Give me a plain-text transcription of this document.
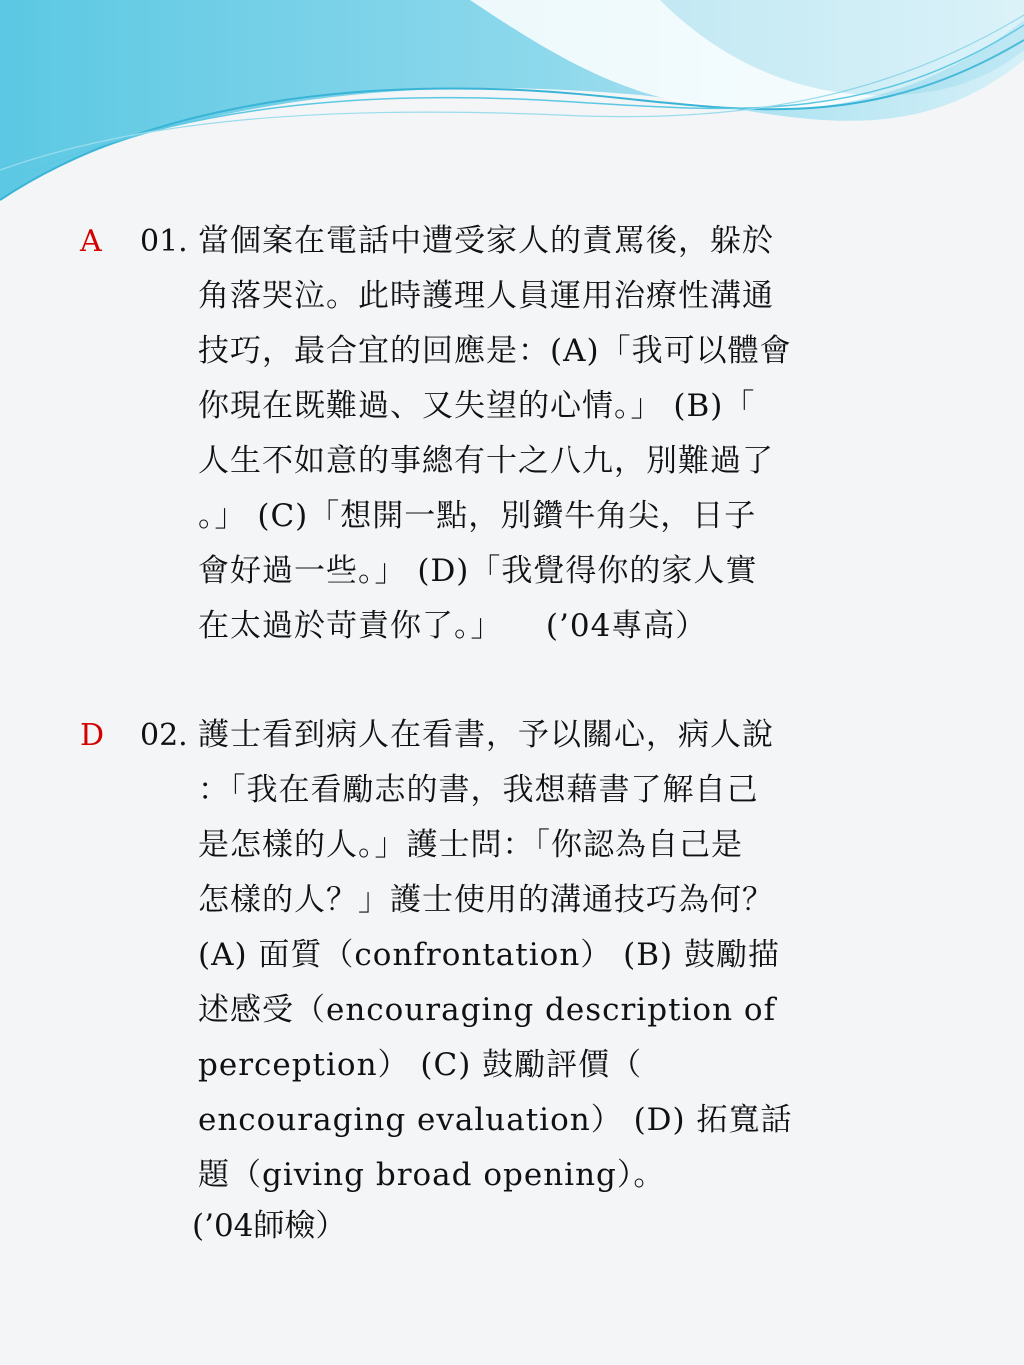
A 01. 當個案在電話中遭受家人的責罵後，躲於
角落哭泣。此時護理人員運用治療性溝通
技巧，最合宜的回應是：(A)「我可以體會
你現在既難過、又失望的心情。」 (B)「
人生不如意的事總有十之八九，別難過了
。」 (C)「想開一點，別鑽牛角尖，日子
會好過一些。」 (D)「我覺得你的家人實
在太過於苛責你了。」    (’04專高）
D 02. 護士看到病人在看書，予以關心，病人說
：「我在看勵志的書，我想藉書了解自己
是怎樣的人。」護士問：「你認為自己是
怎樣的人？」護士使用的溝通技巧為何？
(A) 面質（confrontation） (B) 鼓勵描
述感受（encouraging description of
perception） (C) 鼓勵評價（
encouraging evaluation） (D) 拓寬話
題（giving broad opening）。
(’04師檢）
